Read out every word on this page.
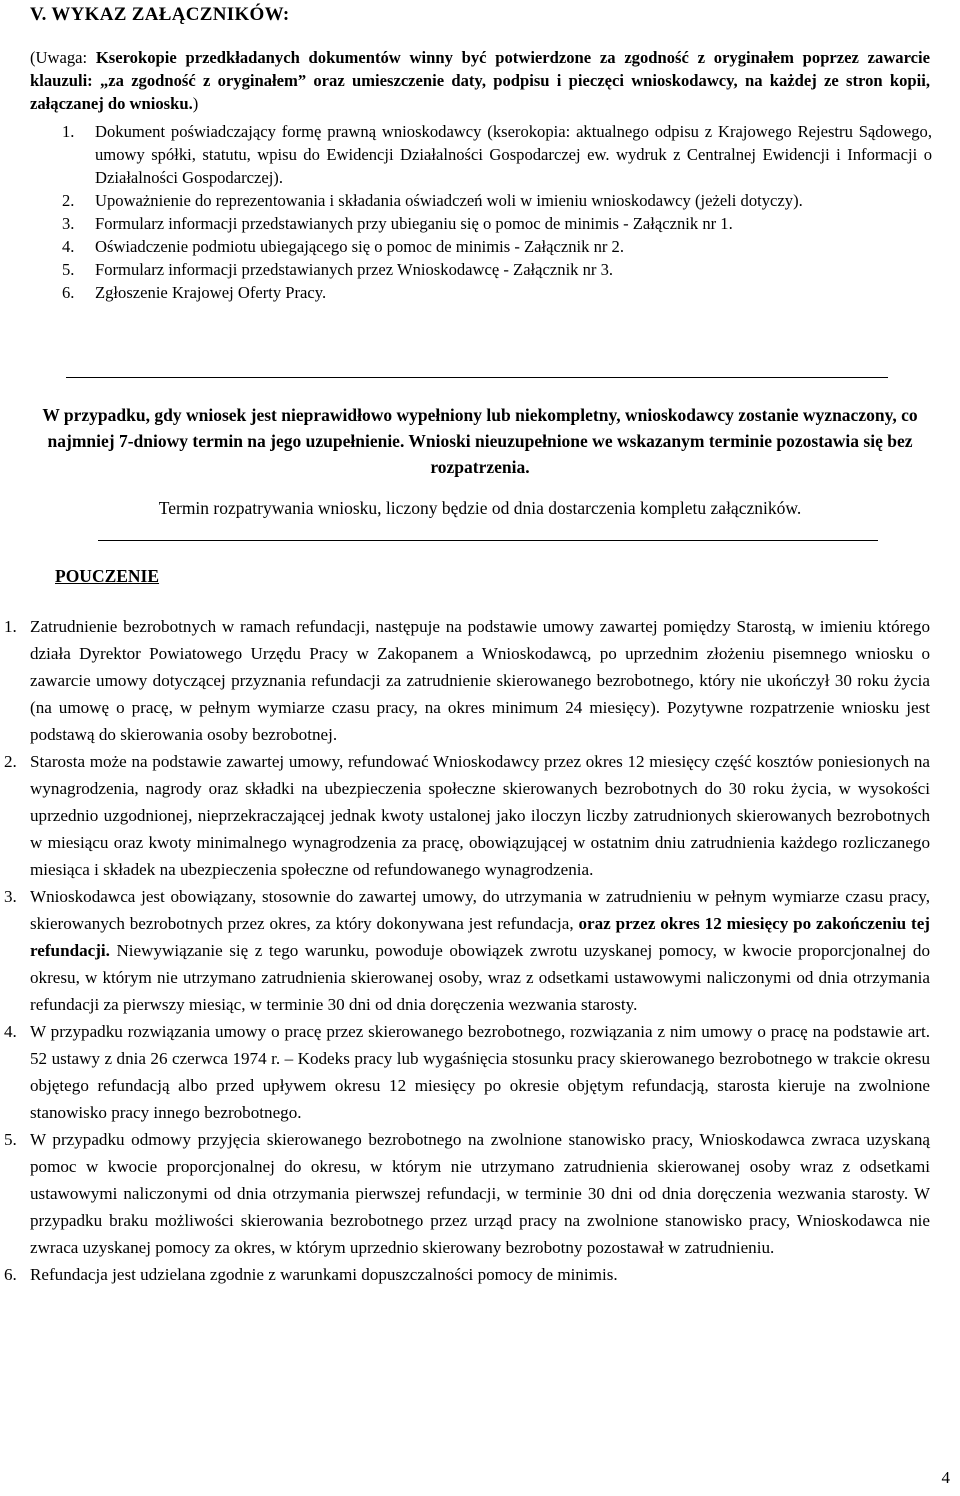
V. WYKAZ ZAŁĄCZNIKÓW:
(Uwaga: Kserokopie przedkładanych dokumentów winny być potwierdzone za zgodność z oryginałem poprzez zawarcie klauzuli: „za zgodność z oryginałem” oraz umieszczenie daty, podpisu i pieczęci wnioskodawcy, na każdej ze stron kopii, załączanej do wniosku.)
1. Dokument poświadczający formę prawną wnioskodawcy (kserokopia: aktualnego odpisu z Krajowego Rejestru Sądowego, umowy spółki, statutu, wpisu do Ewidencji Działalności Gospodarczej ew. wydruk z Centralnej Ewidencji i Informacji o Działalności Gospodarczej).
2. Upoważnienie do reprezentowania i składania oświadczeń woli w imieniu wnioskodawcy (jeżeli dotyczy).
3. Formularz informacji przedstawianych przy ubieganiu się o pomoc de minimis - Załącznik nr 1.
4. Oświadczenie podmiotu ubiegającego się o pomoc de minimis - Załącznik nr 2.
5. Formularz informacji przedstawianych przez Wnioskodawcę - Załącznik nr 3.
6. Zgłoszenie Krajowej Oferty Pracy.
W przypadku, gdy wniosek jest nieprawidłowo wypełniony lub niekompletny, wnioskodawcy zostanie wyznaczony, co najmniej 7-dniowy termin na jego uzupełnienie. Wnioski nieuzupełnione we wskazanym terminie pozostawia się bez rozpatrzenia.
Termin rozpatrywania wniosku, liczony będzie od dnia dostarczenia kompletu załączników.
POUCZENIE
1. Zatrudnienie bezrobotnych w ramach refundacji, następuje na podstawie umowy zawartej pomiędzy Starostą, w imieniu którego działa Dyrektor Powiatowego Urzędu Pracy w Zakopanem a Wnioskodawcą, po uprzednim złożeniu pisemnego wniosku o zawarcie umowy dotyczącej przyznania refundacji za zatrudnienie skierowanego bezrobotnego, który nie ukończył 30 roku życia (na umowę o pracę, w pełnym wymiarze czasu pracy, na okres minimum 24 miesięcy). Pozytywne rozpatrzenie wniosku jest podstawą do skierowania osoby bezrobotnej.
2. Starosta może na podstawie zawartej umowy, refundować Wnioskodawcy przez okres 12 miesięcy część kosztów poniesionych na wynagrodzenia, nagrody oraz składki na ubezpieczenia społeczne skierowanych bezrobotnych do 30 roku życia, w wysokości uprzednio uzgodnionej, nieprzekraczającej jednak kwoty ustalonej jako iloczyn liczby zatrudnionych skierowanych bezrobotnych w miesiącu oraz kwoty minimalnego wynagrodzenia za pracę, obowiązującej w ostatnim dniu zatrudnienia każdego rozliczanego miesiąca i składek na ubezpieczenia społeczne od refundowanego wynagrodzenia.
3. Wnioskodawca jest obowiązany, stosownie do zawartej umowy, do utrzymania w zatrudnieniu w pełnym wymiarze czasu pracy, skierowanych bezrobotnych przez okres, za który dokonywana jest refundacja, oraz przez okres 12 miesięcy po zakończeniu tej refundacji. Niewywiązanie się z tego warunku, powoduje obowiązek zwrotu uzyskanej pomocy, w kwocie proporcjonalnej do okresu, w którym nie utrzymano zatrudnienia skierowanej osoby, wraz z odsetkami ustawowymi naliczonymi od dnia otrzymania refundacji za pierwszy miesiąc, w terminie 30 dni od dnia doręczenia wezwania starosty.
4. W przypadku rozwiązania umowy o pracę przez skierowanego bezrobotnego, rozwiązania z nim umowy o pracę na podstawie art. 52 ustawy z dnia 26 czerwca 1974 r. – Kodeks pracy lub wygaśnięcia stosunku pracy skierowanego bezrobotnego w trakcie okresu objętego refundacją albo przed upływem okresu 12 miesięcy po okresie objętym refundacją, starosta kieruje na zwolnione stanowisko pracy innego bezrobotnego.
5. W przypadku odmowy przyjęcia skierowanego bezrobotnego na zwolnione stanowisko pracy, Wnioskodawca zwraca uzyskaną pomoc w kwocie proporcjonalnej do okresu, w którym nie utrzymano zatrudnienia skierowanej osoby wraz z odsetkami ustawowymi naliczonymi od dnia otrzymania pierwszej refundacji, w terminie 30 dni od dnia doręczenia wezwania starosty. W przypadku braku możliwości skierowania bezrobotnego przez urząd pracy na zwolnione stanowisko pracy, Wnioskodawca nie zwraca uzyskanej pomocy za okres, w którym uprzednio skierowany bezrobotny pozostawał w zatrudnieniu.
6. Refundacja jest udzielana zgodnie z warunkami dopuszczalności pomocy de minimis.
4
